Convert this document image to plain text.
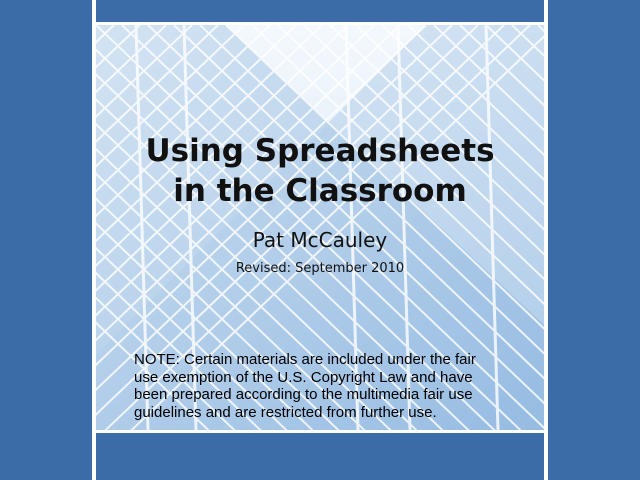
Using Spreadsheets
in the Classroom
Pat McCauley
Revised: September 2010
NOTE: Certain materials are included under the fair
use exemption of the U.S. Copyright Law and have
been prepared according to the multimedia fair use
guidelines and are restricted from further use.
